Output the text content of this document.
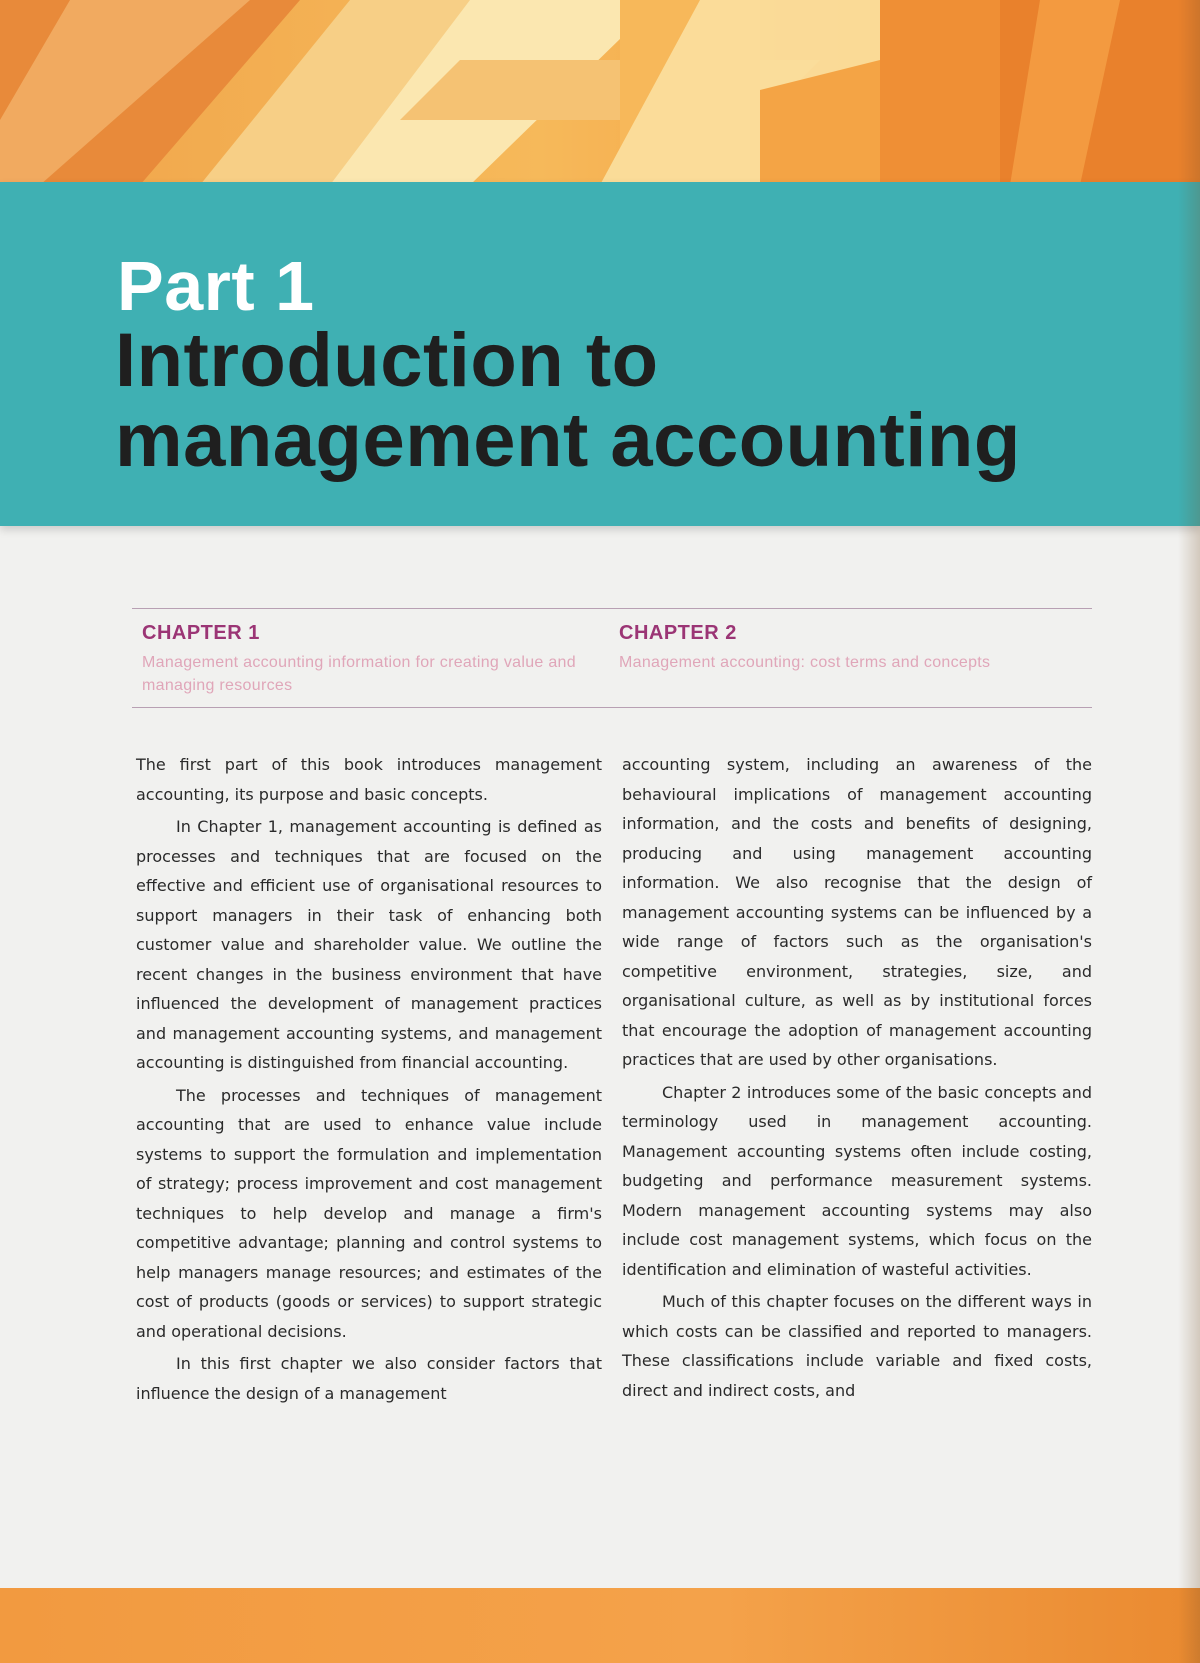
Part 1
Introduction to management accounting
CHAPTER 1
Management accounting information for creating value and managing resources
CHAPTER 2
Management accounting: cost terms and concepts

The first part of this book introduces management accounting, its purpose and basic concepts.

In Chapter 1, management accounting is defined as processes and techniques that are focused on the effective and efficient use of organisational resources to support managers in their task of enhancing both customer value and shareholder value. We outline the recent changes in the business environment that have influenced the development of management practices and management accounting systems, and management accounting is distinguished from financial accounting.

The processes and techniques of management accounting that are used to enhance value include systems to support the formulation and implementation of strategy; process improvement and cost management techniques to help develop and manage a firm's competitive advantage; planning and control systems to help managers manage resources; and estimates of the cost of products (goods or services) to support strategic and operational decisions.

In this first chapter we also consider factors that influence the design of a management

accounting system, including an awareness of the behavioural implications of management accounting information, and the costs and benefits of designing, producing and using management accounting information. We also recognise that the design of management accounting systems can be influenced by a wide range of factors such as the organisation's competitive environment, strategies, size, and organisational culture, as well as by institutional forces that encourage the adoption of management accounting practices that are used by other organisations.

Chapter 2 introduces some of the basic concepts and terminology used in management accounting. Management accounting systems often include costing, budgeting and performance measurement systems. Modern management accounting systems may also include cost management systems, which focus on the identification and elimination of wasteful activities.

Much of this chapter focuses on the different ways in which costs can be classified and reported to managers. These classifications include variable and fixed costs, direct and indirect costs, and
